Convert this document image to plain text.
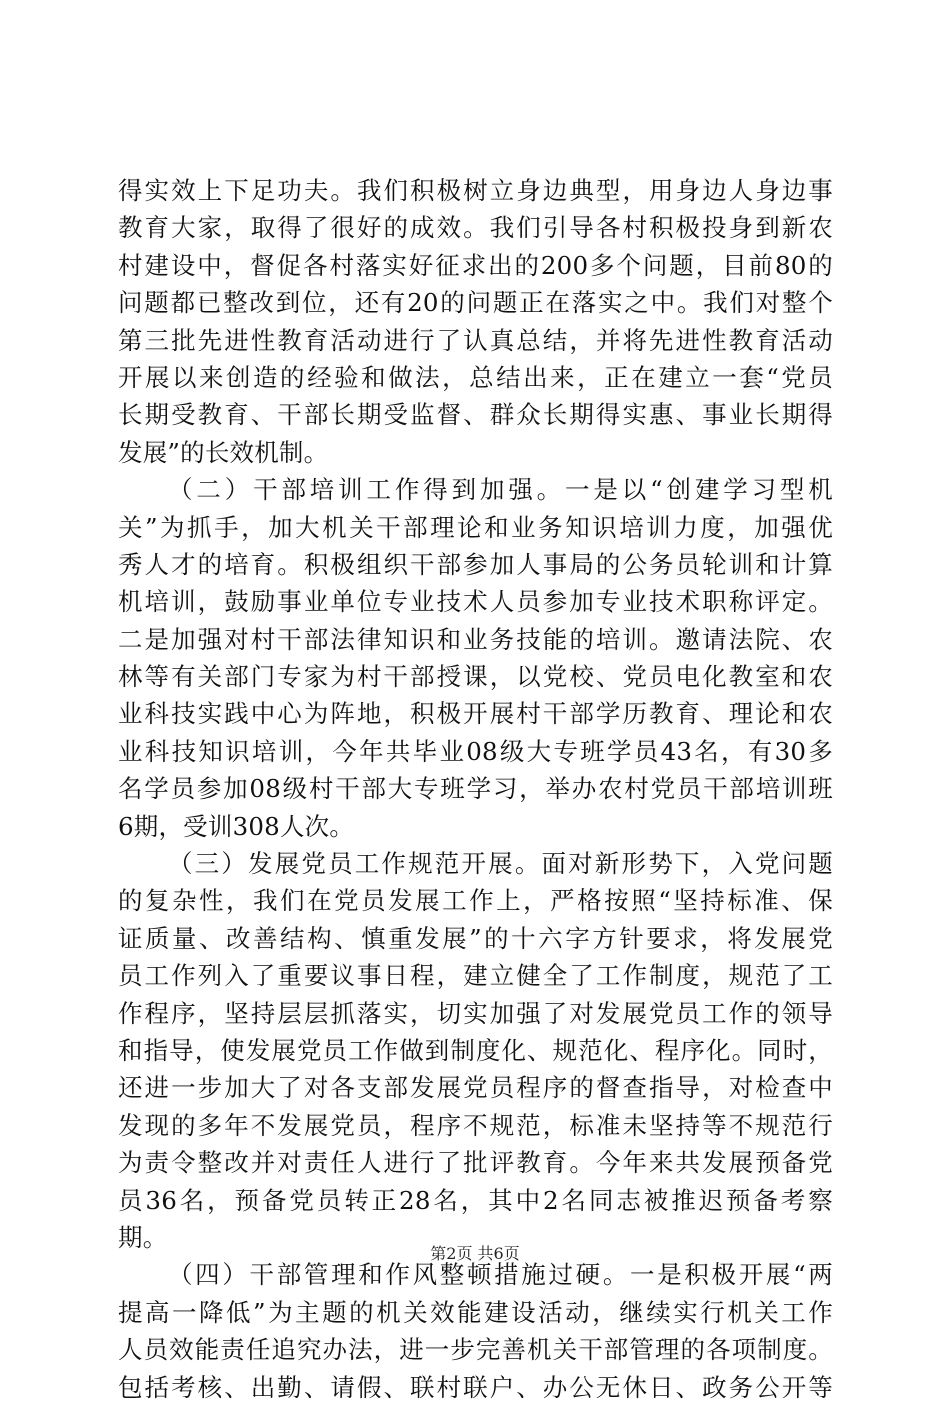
得实效上下足功夫。我们积极树立身边典型，用身边人身边事
教育大家，取得了很好的成效。我们引导各村积极投身到新农
村建设中，督促各村落实好征求出的200多个问题，目前80的
问题都已整改到位，还有20的问题正在落实之中。我们对整个
第三批先进性教育活动进行了认真总结，并将先进性教育活动
开展以来创造的经验和做法，总结出来，正在建立一套“党员
长期受教育、干部长期受监督、群众长期得实惠、事业长期得
发展”的长效机制。
（二）干部培训工作得到加强。一是以“创建学习型机
关”为抓手，加大机关干部理论和业务知识培训力度，加强优
秀人才的培育。积极组织干部参加人事局的公务员轮训和计算
机培训，鼓励事业单位专业技术人员参加专业技术职称评定。
二是加强对村干部法律知识和业务技能的培训。邀请法院、农
林等有关部门专家为村干部授课，以党校、党员电化教室和农
业科技实践中心为阵地，积极开展村干部学历教育、理论和农
业科技知识培训，今年共毕业08级大专班学员43名，有30多
名学员参加08级村干部大专班学习，举办农村党员干部培训班
6期，受训308人次。
（三）发展党员工作规范开展。面对新形势下，入党问题
的复杂性，我们在党员发展工作上，严格按照“坚持标准、保
证质量、改善结构、慎重发展”的十六字方针要求，将发展党
员工作列入了重要议事日程，建立健全了工作制度，规范了工
作程序，坚持层层抓落实，切实加强了对发展党员工作的领导
和指导，使发展党员工作做到制度化、规范化、程序化。同时，
还进一步加大了对各支部发展党员程序的督查指导，对检查中
发现的多年不发展党员，程序不规范，标准未坚持等不规范行
为责令整改并对责任人进行了批评教育。今年来共发展预备党
员36名，预备党员转正28名，其中2名同志被推迟预备考察
期。
（四）干部管理和作风整顿措施过硬。一是积极开展“两
提高一降低”为主题的机关效能建设活动，继续实行机关工作
人员效能责任追究办法，进一步完善机关干部管理的各项制度。
包括考核、出勤、请假、联村联户、办公无休日、政务公开等
第2页 共6页
